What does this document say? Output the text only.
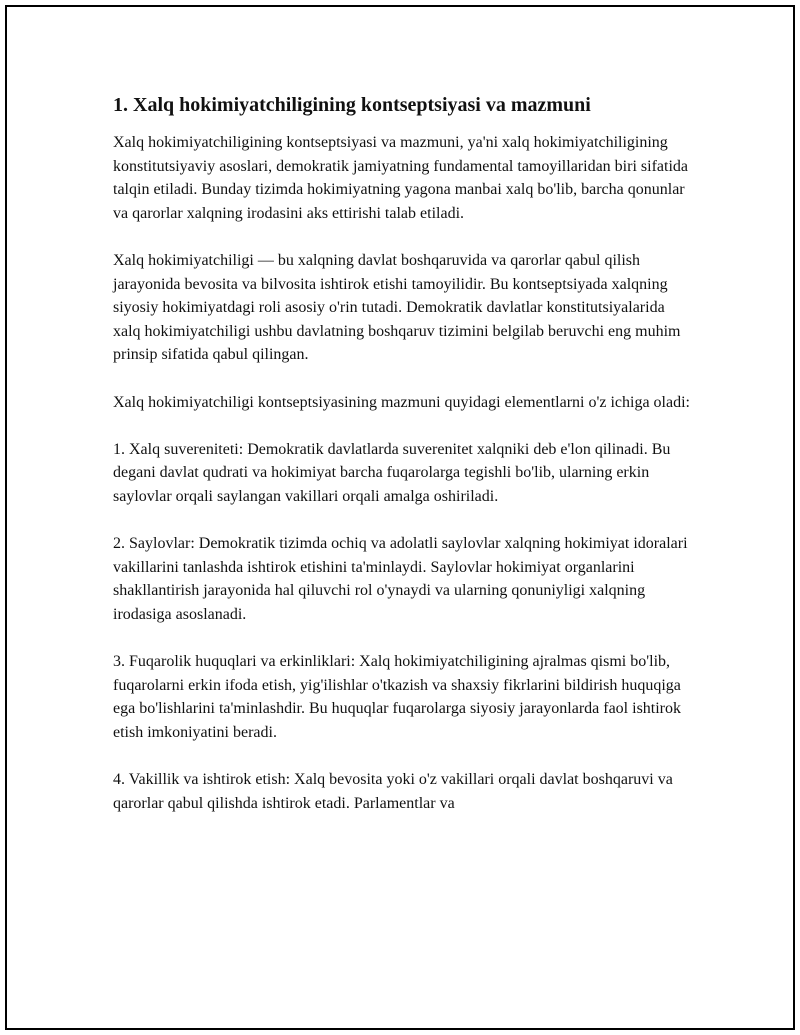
1. Xalq hokimiyatchiligining kontseptsiyasi va mazmuni

Xalq hokimiyatchiligining kontseptsiyasi va mazmuni, ya'ni xalq hokimiyatchiligining konstitutsiyaviy asoslari, demokratik jamiyatning fundamental tamoyillaridan biri sifatida talqin etiladi. Bunday tizimda hokimiyatning yagona manbai xalq bo'lib, barcha qonunlar va qarorlar xalqning irodasini aks ettirishi talab etiladi.

Xalq hokimiyatchiligi — bu xalqning davlat boshqaruvida va qarorlar qabul qilish jarayonida bevosita va bilvosita ishtirok etishi tamoyilidir. Bu kontseptsiyada xalqning siyosiy hokimiyatdagi roli asosiy o'rin tutadi. Demokratik davlatlar konstitutsiyalarida xalq hokimiyatchiligi ushbu davlatning boshqaruv tizimini belgilab beruvchi eng muhim prinsip sifatida qabul qilingan.

Xalq hokimiyatchiligi kontseptsiyasining mazmuni quyidagi elementlarni o'z ichiga oladi:

1. Xalq suvereniteti: Demokratik davlatlarda suverenitet xalqniki deb e'lon qilinadi. Bu degani davlat qudrati va hokimiyat barcha fuqarolarga tegishli bo'lib, ularning erkin saylovlar orqali saylangan vakillari orqali amalga oshiriladi.

2. Saylovlar: Demokratik tizimda ochiq va adolatli saylovlar xalqning hokimiyat idoralari vakillarini tanlashda ishtirok etishini ta'minlaydi. Saylovlar hokimiyat organlarini shakllantirish jarayonida hal qiluvchi rol o'ynaydi va ularning qonuniyligi xalqning irodasiga asoslanadi.

3. Fuqarolik huquqlari va erkinliklari: Xalq hokimiyatchiligining ajralmas qismi bo'lib, fuqarolarni erkin ifoda etish, yig'ilishlar o'tkazish va shaxsiy fikrlarini bildirish huquqiga ega bo'lishlarini ta'minlashdir. Bu huquqlar fuqarolarga siyosiy jarayonlarda faol ishtirok etish imkoniyatini beradi.

4. Vakillik va ishtirok etish: Xalq bevosita yoki o'z vakillari orqali davlat boshqaruvi va qarorlar qabul qilishda ishtirok etadi. Parlamentlar va
